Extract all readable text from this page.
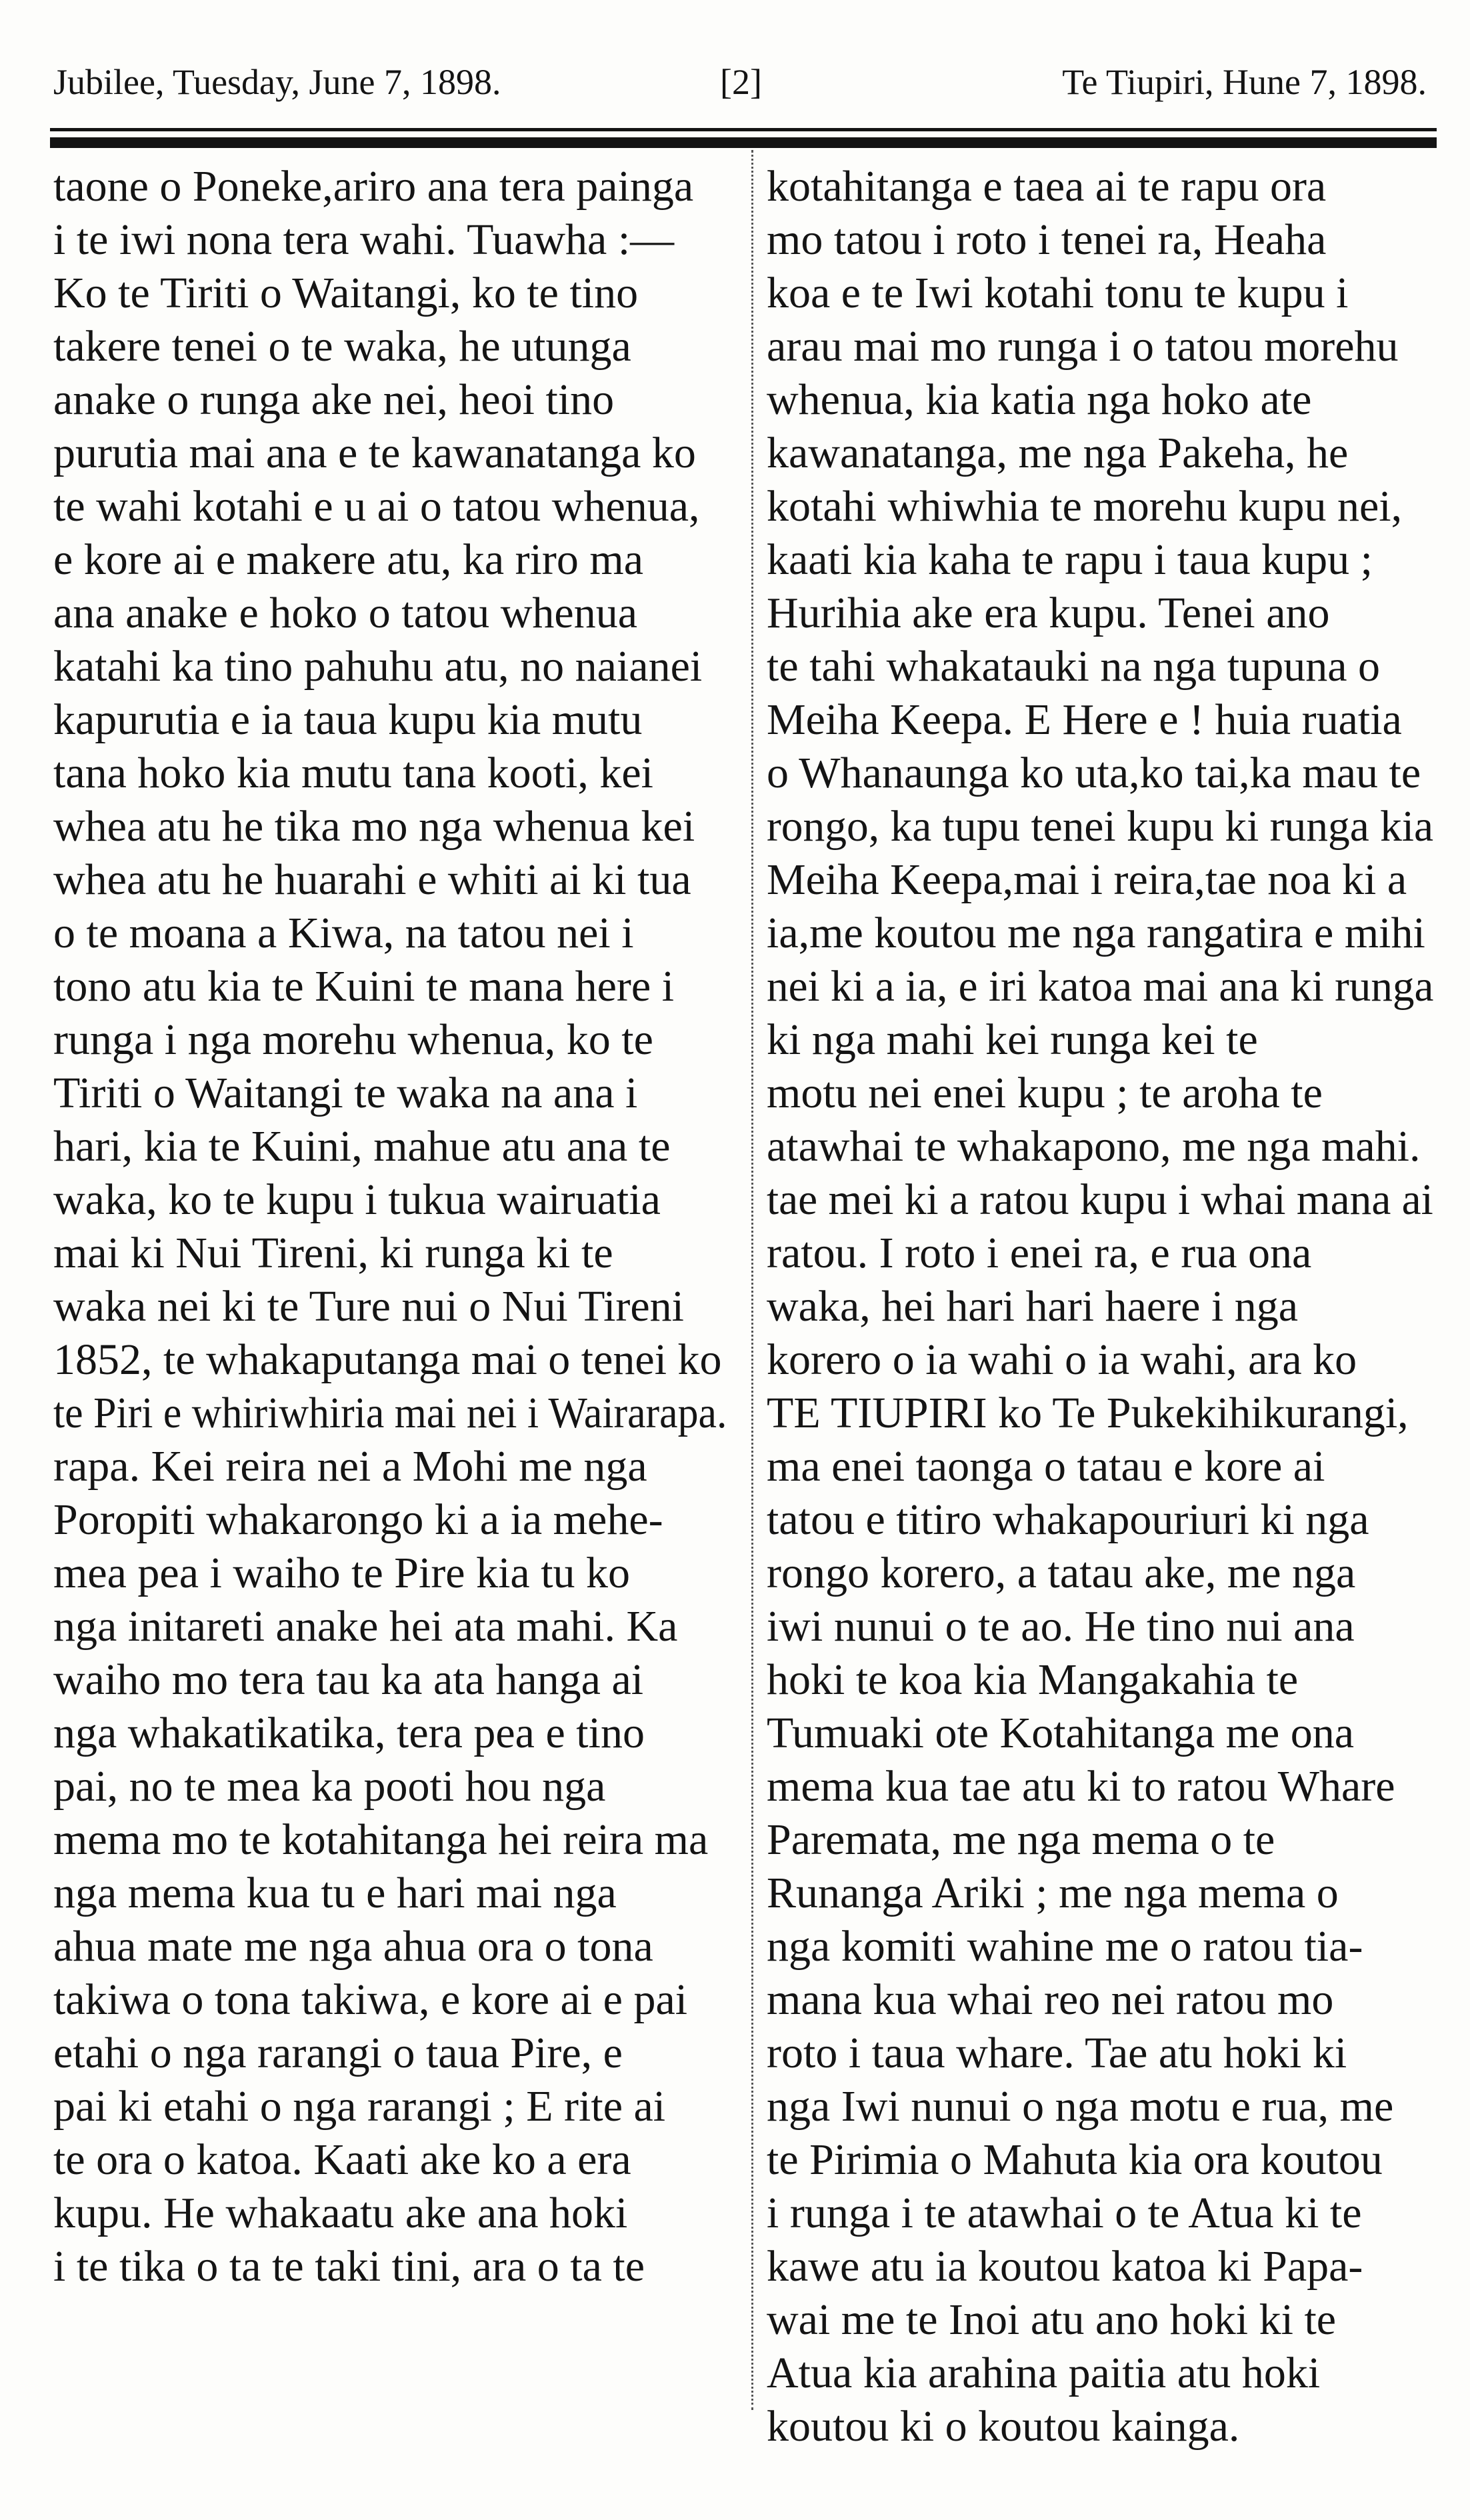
Jubilee, Tuesday, June 7, 1898.	[2]	Te Tiupiri, Hune 7, 1898.
taone o Poneke,ariro ana tera painga
i te iwi nona tera wahi. Tuawha :—
Ko te Tiriti o Waitangi, ko te tino
takere tenei o te waka, he utunga
anake o runga ake nei, heoi tino
purutia mai ana e te kawanatanga ko
te wahi kotahi e u ai o tatou whenua,
e kore ai e makere atu, ka riro ma
ana anake e hoko o tatou whenua
katahi ka tino pahuhu atu, no naianei
kapurutia e ia taua kupu kia mutu
tana hoko kia mutu tana kooti, kei
whea atu he tika mo nga whenua kei
whea atu he huarahi e whiti ai ki tua
o te moana a Kiwa, na tatou nei i
tono atu kia te Kuini te mana here i
runga i nga morehu whenua, ko te
Tiriti o Waitangi te waka na ana i
hari, kia te Kuini, mahue atu ana te
waka, ko te kupu i tukua wairuatia
mai ki Nui Tireni, ki runga ki te
waka nei ki te Ture nui o Nui Tireni
1852, te whakaputanga mai o tenei ko
te Piri e whiriwhiria mai nei i Wairarapa.
rapa. Kei reira nei a Mohi me nga
Poropiti whakarongo ki a ia mehe-
mea pea i waiho te Pire kia tu ko
nga initareti anake hei ata mahi. Ka
waiho mo tera tau ka ata hanga ai
nga whakatikatika, tera pea e tino
pai, no te mea ka pooti hou nga
mema mo te kotahitanga hei reira ma
nga mema kua tu e hari mai nga
ahua mate me nga ahua ora o tona
takiwa o tona takiwa, e kore ai e pai
etahi o nga rarangi o taua Pire, e
pai ki etahi o nga rarangi ; E rite ai
te ora o katoa. Kaati ake ko a era
kupu. He whakaatu ake ana hoki
i te tika o ta te taki tini, ara o ta te
kotahitanga e taea ai te rapu ora
mo tatou i roto i tenei ra, Heaha
koa e te Iwi kotahi tonu te kupu i
arau mai mo runga i o tatou morehu
whenua, kia katia nga hoko ate
kawanatanga, me nga Pakeha, he
kotahi whiwhia te morehu kupu nei,
kaati kia kaha te rapu i taua kupu ;
Hurihia ake era kupu. Tenei ano
te tahi whakatauki na nga tupuna o
Meiha Keepa. E Here e ! huia ruatia
o Whanaunga ko uta,ko tai,ka mau te
rongo, ka tupu tenei kupu ki runga kia
Meiha Keepa,mai i reira,tae noa ki a
ia,me koutou me nga rangatira e mihi
nei ki a ia, e iri katoa mai ana ki runga
ki nga mahi kei runga kei te
motu nei enei kupu ; te aroha te
atawhai te whakapono, me nga mahi.
tae mei ki a ratou kupu i whai mana ai
ratou. I roto i enei ra, e rua ona
waka, hei hari hari haere i nga
korero o ia wahi o ia wahi, ara ko
TE TIUPIRI ko Te Pukekihikurangi,
ma enei taonga o tatau e kore ai
tatou e titiro whakapouriuri ki nga
rongo korero, a tatau ake, me nga
iwi nunui o te ao. He tino nui ana
hoki te koa kia Mangakahia te
Tumuaki ote Kotahitanga me ona
mema kua tae atu ki to ratou Whare
Paremata, me nga mema o te
Runanga Ariki ; me nga mema o
nga komiti wahine me o ratou tia-
mana kua whai reo nei ratou mo
roto i taua whare. Tae atu hoki ki
nga Iwi nunui o nga motu e rua, me
te Pirimia o Mahuta kia ora koutou
i runga i te atawhai o te Atua ki te
kawe atu ia koutou katoa ki Papa-
wai me te Inoi atu ano hoki ki te
Atua kia arahina paitia atu hoki
koutou ki o koutou kainga.
